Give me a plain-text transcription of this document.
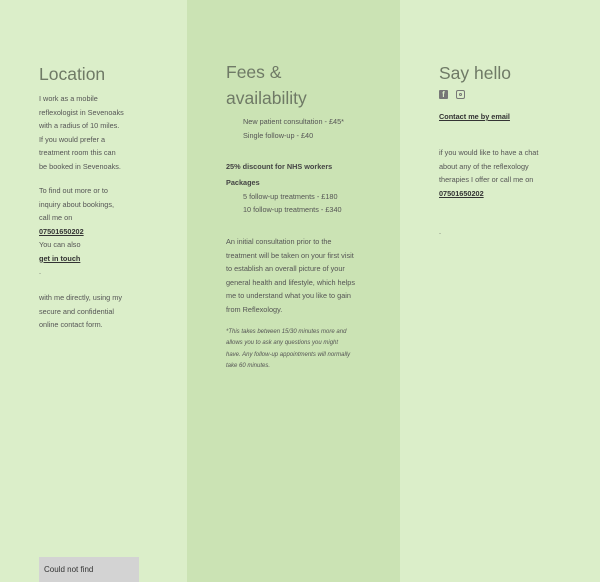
Location

I work as a mobile

reflexologist in Sevenoaks

with a radius of 10 miles.

If you would prefer a

treatment room this can

be booked in Sevenoaks.

To find out more or to

inquiry about bookings,

call me on

07501650202

You can also

get in touch

.

with me directly, using my

secure and confidential

online contact form.

Fees &
availability

New patient consultation - £45*

Single follow-up - £40

25% discount for NHS workers

Packages

5 follow-up treatments - £180

10 follow-up treatments - £340

An initial consultation prior to the

treatment will be taken on your first visit

to establish an overall picture of your

general health and lifestyle, which helps

me to understand what you like to gain

from Reflexology.

*This takes between 15/30 minutes more and

allows you to ask any questions you might

have. Any follow-up appointments will normally

take 60 minutes.

Say hello
f
Contact me by email

if you would like to have a chat

about any of the reflexology

therapies I offer or call me on

07501650202

.

Could not find
